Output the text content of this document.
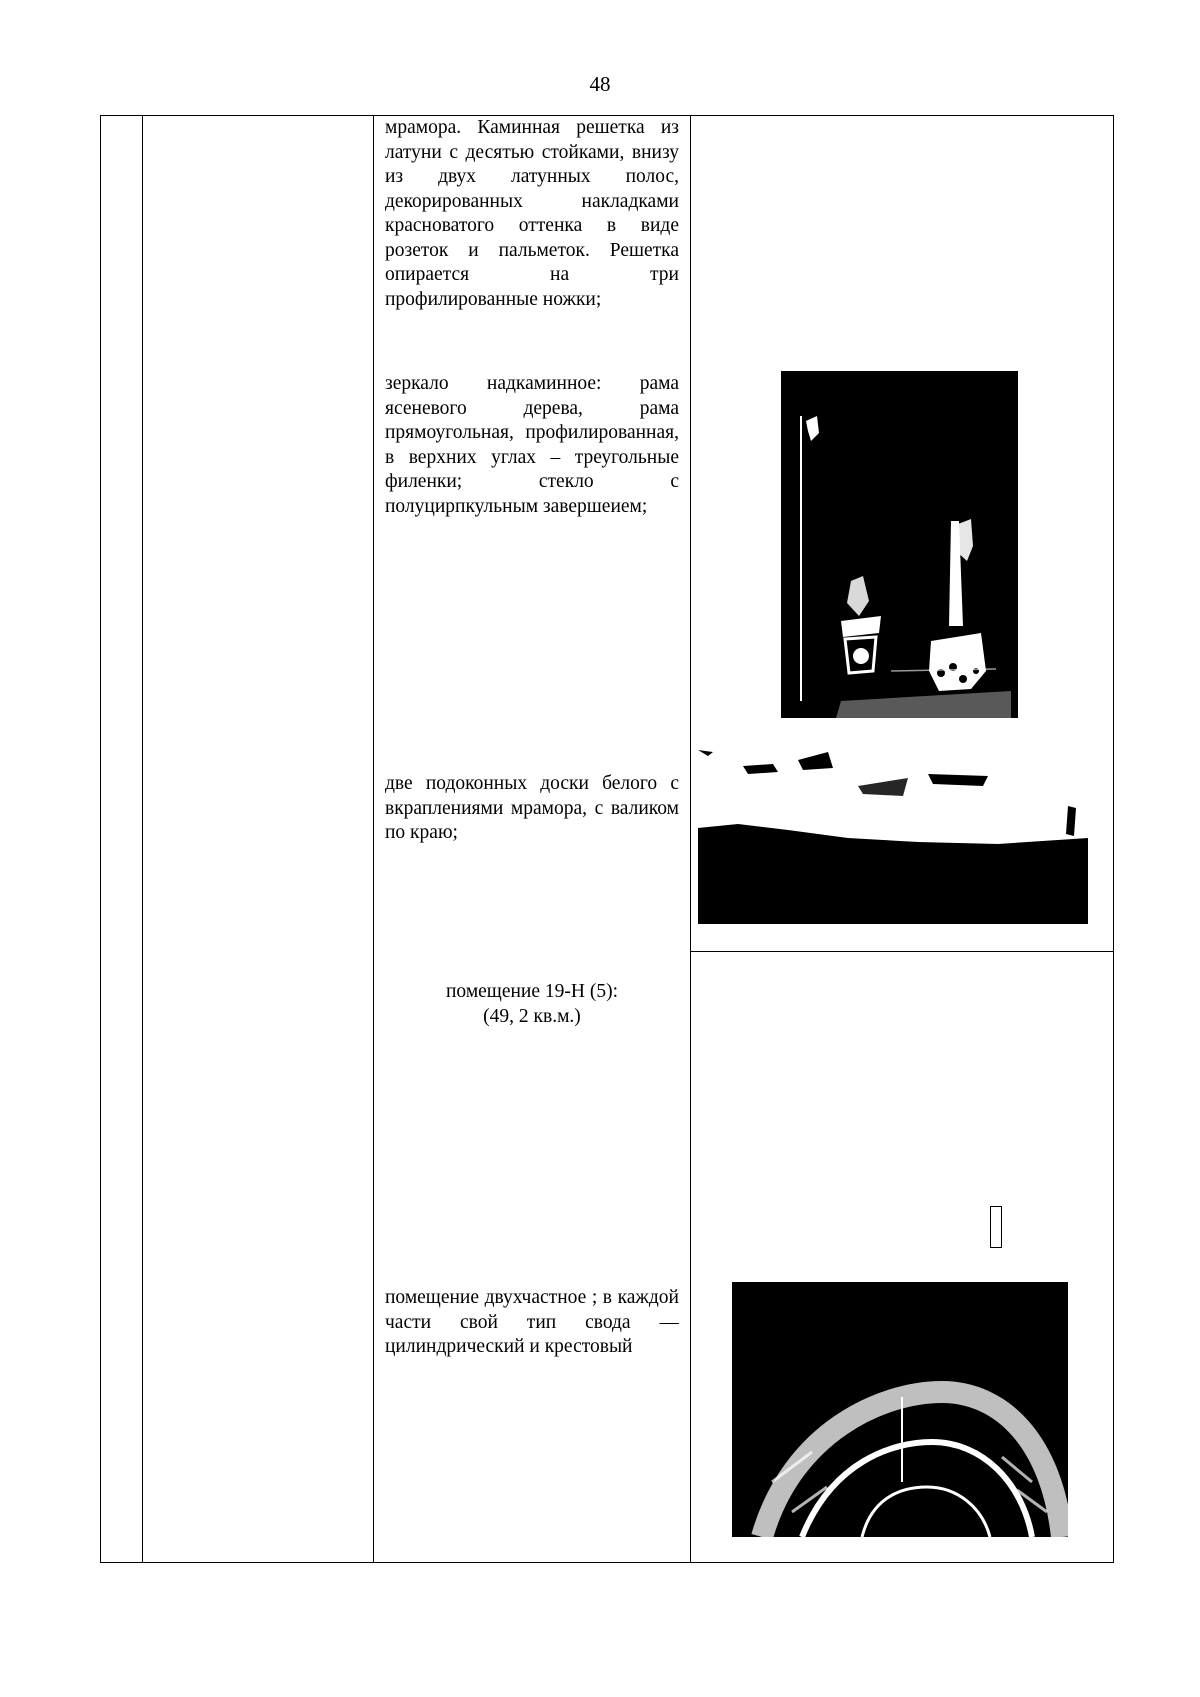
48

мрамора. Каминная решетка из латуни с десятью стойками, внизу из двух латунных полос, декорированных накладками красноватого оттенка в виде розеток и пальметок. Решетка опирается на три профилированные ножки;

зеркало надкаминное: рама ясеневого дерева, рама прямоугольная, профилированная, в верхних углах – треугольные филенки; стекло с полуцирпкульным завершеием;

две подоконных доски белого с вкраплениями мрамора, с валиком по краю;

помещение 19-Н (5):

(49, 2 кв.м.)

помещение двухчастное ; в каждой части свой тип свода — цилиндрический и крестовый
